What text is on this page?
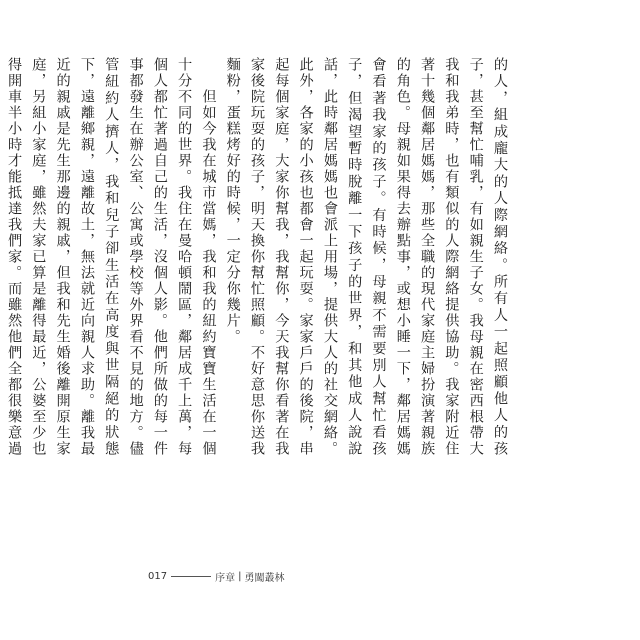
的人，組成龐大的人際網絡。所有人一起照顧他人的孩子，甚至幫忙哺乳，有如親生子女。我母親在密西根帶大我和我弟時，也有類似的人際網絡提供協助。我家附近住著十幾個鄰居媽媽，那些全職的現代家庭主婦扮演著親族的角色。母親如果得去辦點事，或想小睡一下，鄰居媽媽會看著我家的孩子。有時候，母親不需要別人幫忙看孩子，但渴望暫時脫離一下孩子的世界，和其他成人說說話，此時鄰居媽媽也會派上用場，提供大人的社交網絡。此外，各家的小孩也都會一起玩耍。家家戶戶的後院，串起每個家庭，大家你幫我，我幫你，今天我幫你看著在我家後院玩耍的孩子，明天換你幫忙照顧。不好意思你送我麵粉，蛋糕烤好的時候，一定分你幾片。

　　但如今我在城市當媽，我和我的紐約寶寶生活在一個十分不同的世界。我住在曼哈頓鬧區，鄰居成千上萬，每個人都忙著過自己的生活，沒個人影。他們所做的每一件事都發生在辦公室、公寓或學校等外界看不見的地方。儘管紐約人擠人，我和兒子卻生活在高度與世隔絕的狀態下，遠離鄉親，遠離故土，無法就近向親人求助。離我最近的親戚是先生那邊的親戚，但我和先生婚後離開原生家庭，另組小家庭，雖然夫家已算是離得最近，公婆至少也得開車半小時才能抵達我們家。而雖然他們全都很樂意過

017	序章 | 勇闖叢林
